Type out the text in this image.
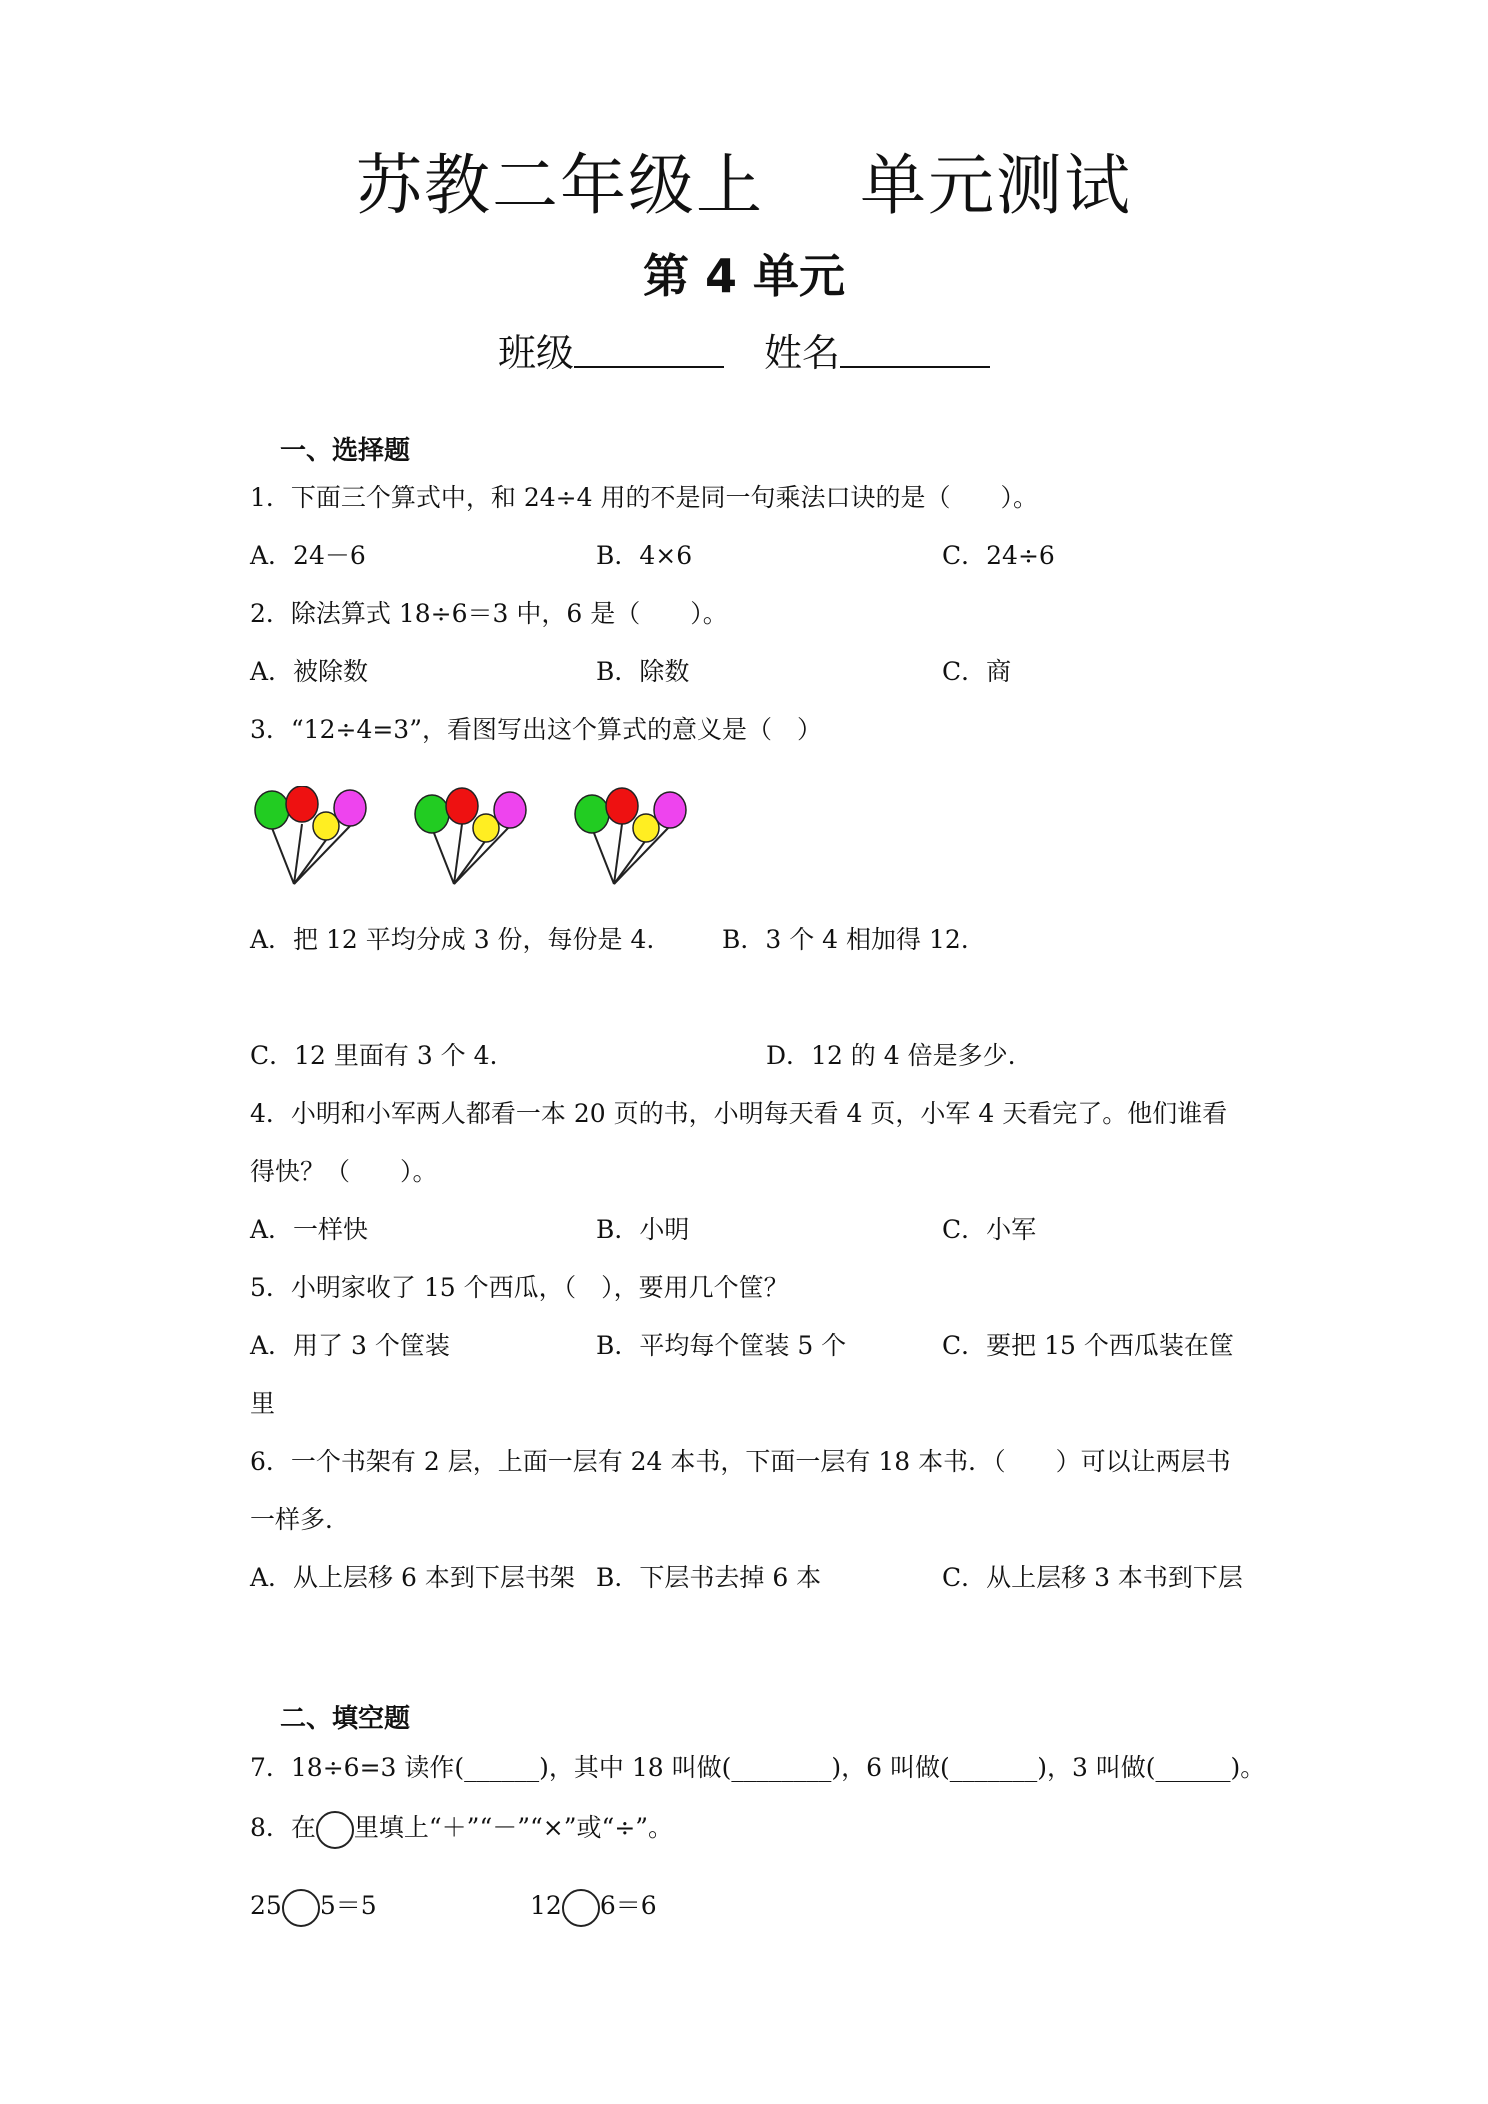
苏教二年级上 单元测试
第 4 单元
班级	姓名
一、选择题
1．下面三个算式中，和 24÷4 用的不是同一句乘法口诀的是（　　）。
A．24－6	B．4×6	C．24÷6
2．除法算式 18÷6＝3 中，6 是（　　）。
A．被除数	B．除数	C．商
3．“12÷4=3”，看图写出这个算式的意义是（　）
A．把 12 平均分成 3 份，每份是 4.	B．3 个 4 相加得 12.
C．12 里面有 3 个 4.	D．12 的 4 倍是多少.
4．小明和小军两人都看一本 20 页的书，小明每天看 4 页，小军 4 天看完了。他们谁看
得快？（　　）。
A．一样快	B．小明	C．小军
5．小明家收了 15 个西瓜，（　），要用几个筐？
A．用了 3 个筐装	B．平均每个筐装 5 个	C．要把 15 个西瓜装在筐
里
6．一个书架有 2 层，上面一层有 24 本书，下面一层有 18 本书．（　　）可以让两层书
一样多．
A．从上层移 6 本到下层书架 B．下层书去掉 6 本	C．从上层移 3 本书到下层
二、填空题
7．18÷6=3 读作(______)，其中 18 叫做(________)，6 叫做(_______)，3 叫做(______)。
8．在 里填上“＋”“－”“×”或“÷”。
25 5＝5	12 6＝6
